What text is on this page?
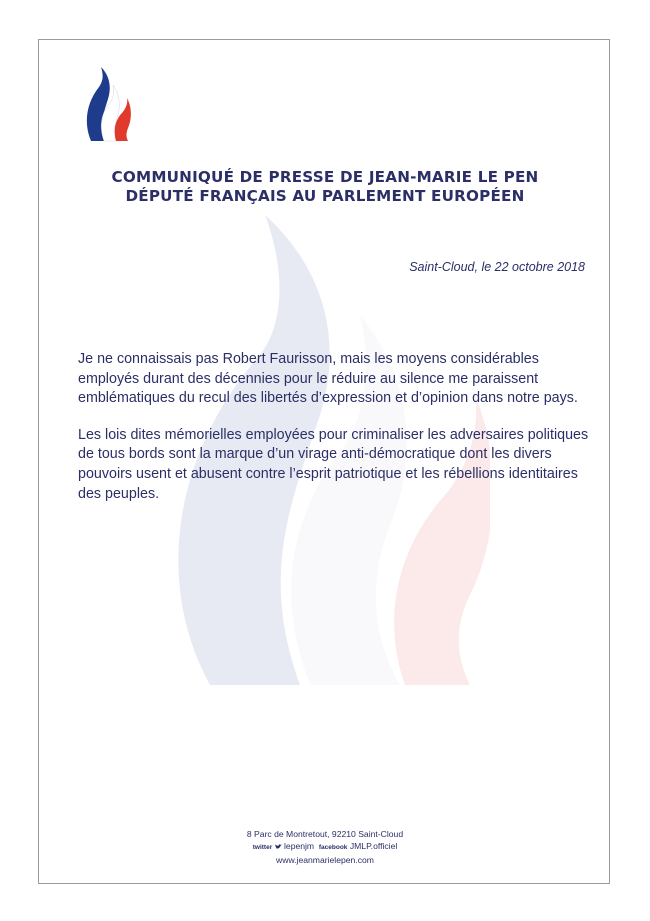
COMMUNIQUÉ DE PRESSE DE JEAN-MARIE LE PEN
DÉPUTÉ FRANÇAIS AU PARLEMENT EUROPÉEN
Saint-Cloud, le 22 octobre 2018

Je ne connaissais pas Robert Faurisson, mais les moyens considérables employés durant des décennies pour le réduire au silence me paraissent emblématiques du recul des libertés d’expression et d’opinion dans notre pays.

Les lois dites mémorielles employées pour criminaliser les adversaires politiques de tous bords sont la marque d’un virage anti-démocratique dont les divers pouvoirs usent et abusent contre l’esprit patriotique et les rébellions identitaires des peuples.

8 Parc de Montretout, 92210 Saint-Cloud
twitter lepenjm facebook JMLP.officiel
www.jeanmarielepen.com
